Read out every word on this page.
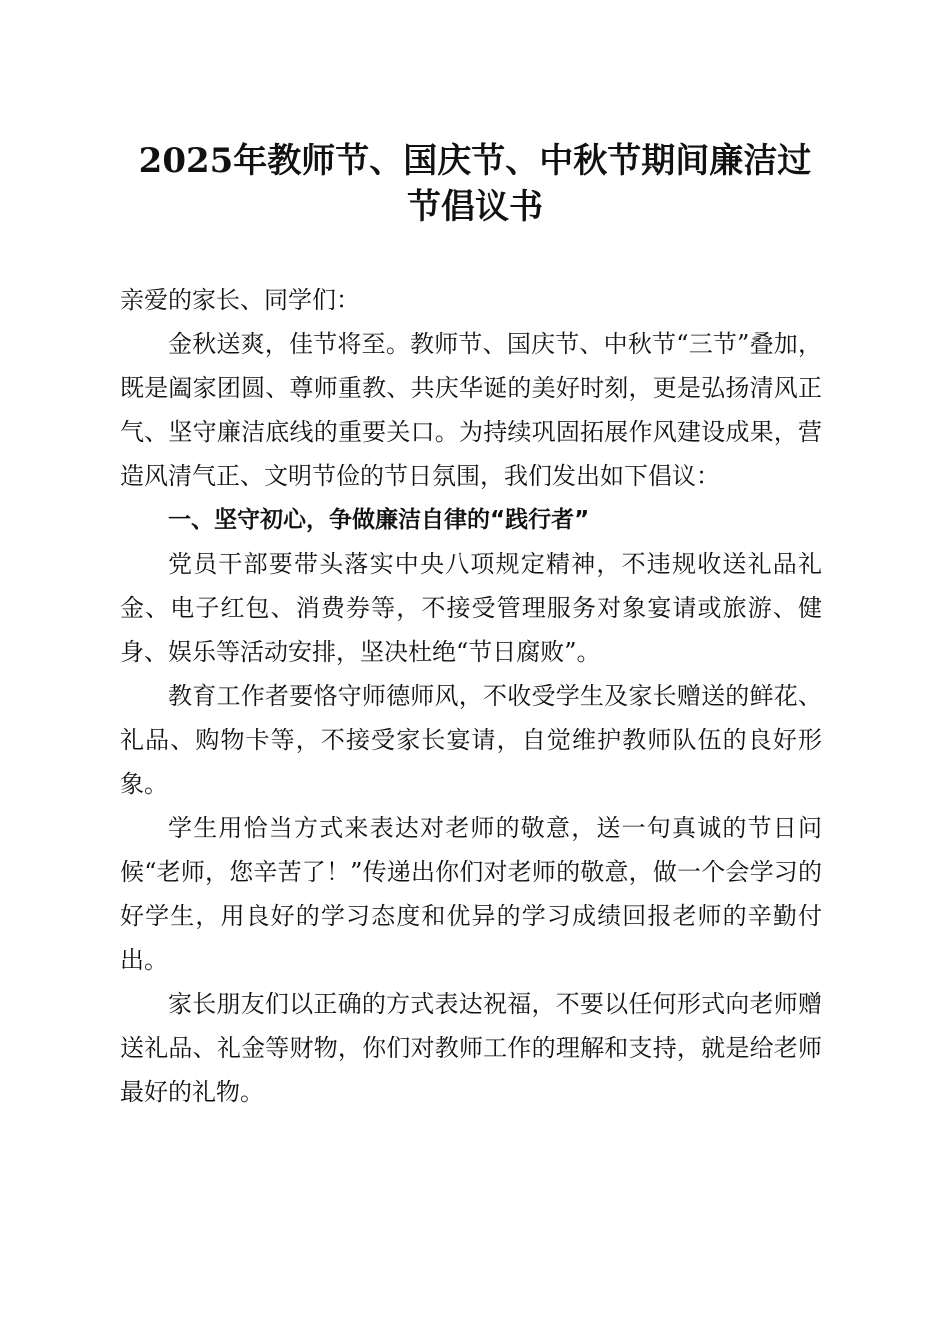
2025年教师节、国庆节、中秋节期间廉洁过
节倡议书

亲爱的家长、同学们：

金秋送爽，佳节将至。教师节、国庆节、中秋节“三节”叠加，既是阖家团圆、尊师重教、共庆华诞的美好时刻，更是弘扬清风正气、坚守廉洁底线的重要关口。为持续巩固拓展作风建设成果，营造风清气正、文明节俭的节日氛围，我们发出如下倡议：

一、坚守初心，争做廉洁自律的“践行者”

党员干部要带头落实中央八项规定精神，不违规收送礼品礼金、电子红包、消费券等，不接受管理服务对象宴请或旅游、健身、娱乐等活动安排，坚决杜绝“节日腐败”。

教育工作者要恪守师德师风，不收受学生及家长赠送的鲜花、礼品、购物卡等，不接受家长宴请，自觉维护教师队伍的良好形象。

学生用恰当方式来表达对老师的敬意，送一句真诚的节日问候“老师，您辛苦了！”传递出你们对老师的敬意，做一个会学习的好学生，用良好的学习态度和优异的学习成绩回报老师的辛勤付出。

家长朋友们以正确的方式表达祝福，不要以任何形式向老师赠送礼品、礼金等财物，你们对教师工作的理解和支持，就是给老师最好的礼物。
